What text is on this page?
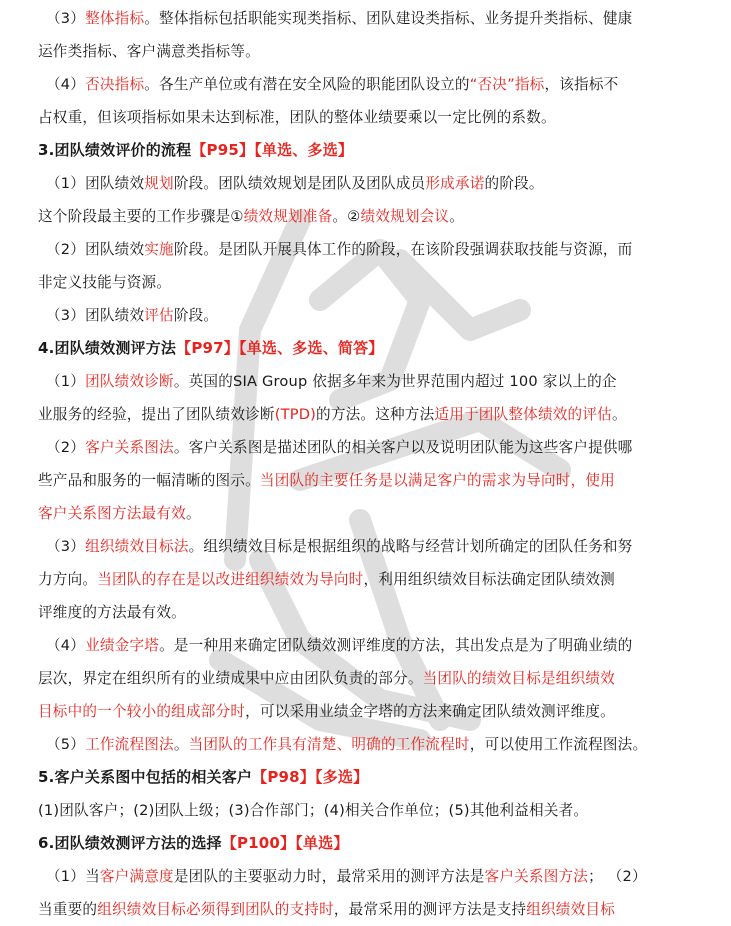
（3）整体指标。整体指标包括职能实现类指标、团队建设类指标、业务提升类指标、健康
运作类指标、客户满意类指标等。
（4）否决指标。各生产单位或有潜在安全风险的职能团队设立的“否决”指标，该指标不
占权重，但该项指标如果未达到标准，团队的整体业绩要乘以一定比例的系数。
3.团队绩效评价的流程【P95】【单选、多选】
（1）团队绩效规划阶段。团队绩效规划是团队及团队成员形成承诺的阶段。
这个阶段最主要的工作步骤是①绩效规划准备。②绩效规划会议。
（2）团队绩效实施阶段。是团队开展具体工作的阶段，在该阶段强调获取技能与资源，而
非定义技能与资源。
（3）团队绩效评估阶段。
4.团队绩效测评方法【P97】【单选、多选、简答】
（1）团队绩效诊断。英国的SIA Group 依据多年来为世界范围内超过 100 家以上的企
业服务的经验，提出了团队绩效诊断(TPD)的方法。这种方法适用于团队整体绩效的评估。
（2）客户关系图法。客户关系图是描述团队的相关客户以及说明团队能为这些客户提供哪
些产品和服务的一幅清晰的图示。当团队的主要任务是以满足客户的需求为导向时，使用
客户关系图方法最有效。
（3）组织绩效目标法。组织绩效目标是根据组织的战略与经营计划所确定的团队任务和努
力方向。当团队的存在是以改进组织绩效为导向时，利用组织绩效目标法确定团队绩效测
评维度的方法最有效。
（4）业绩金字塔。是一种用来确定团队绩效测评维度的方法，其出发点是为了明确业绩的
层次，界定在组织所有的业绩成果中应由团队负责的部分。当团队的绩效目标是组织绩效
目标中的一个较小的组成部分时，可以采用业绩金字塔的方法来确定团队绩效测评维度。
（5）工作流程图法。当团队的工作具有清楚、明确的工作流程时，可以使用工作流程图法。
5.客户关系图中包括的相关客户【P98】【多选】
(1)团队客户；(2)团队上级；(3)合作部门；(4)相关合作单位；(5)其他利益相关者。
6.团队绩效测评方法的选择【P100】【单选】
（1）当客户满意度是团队的主要驱动力时，最常采用的测评方法是客户关系图方法； （2）
当重要的组织绩效目标必须得到团队的支持时，最常采用的测评方法是支持组织绩效目标
